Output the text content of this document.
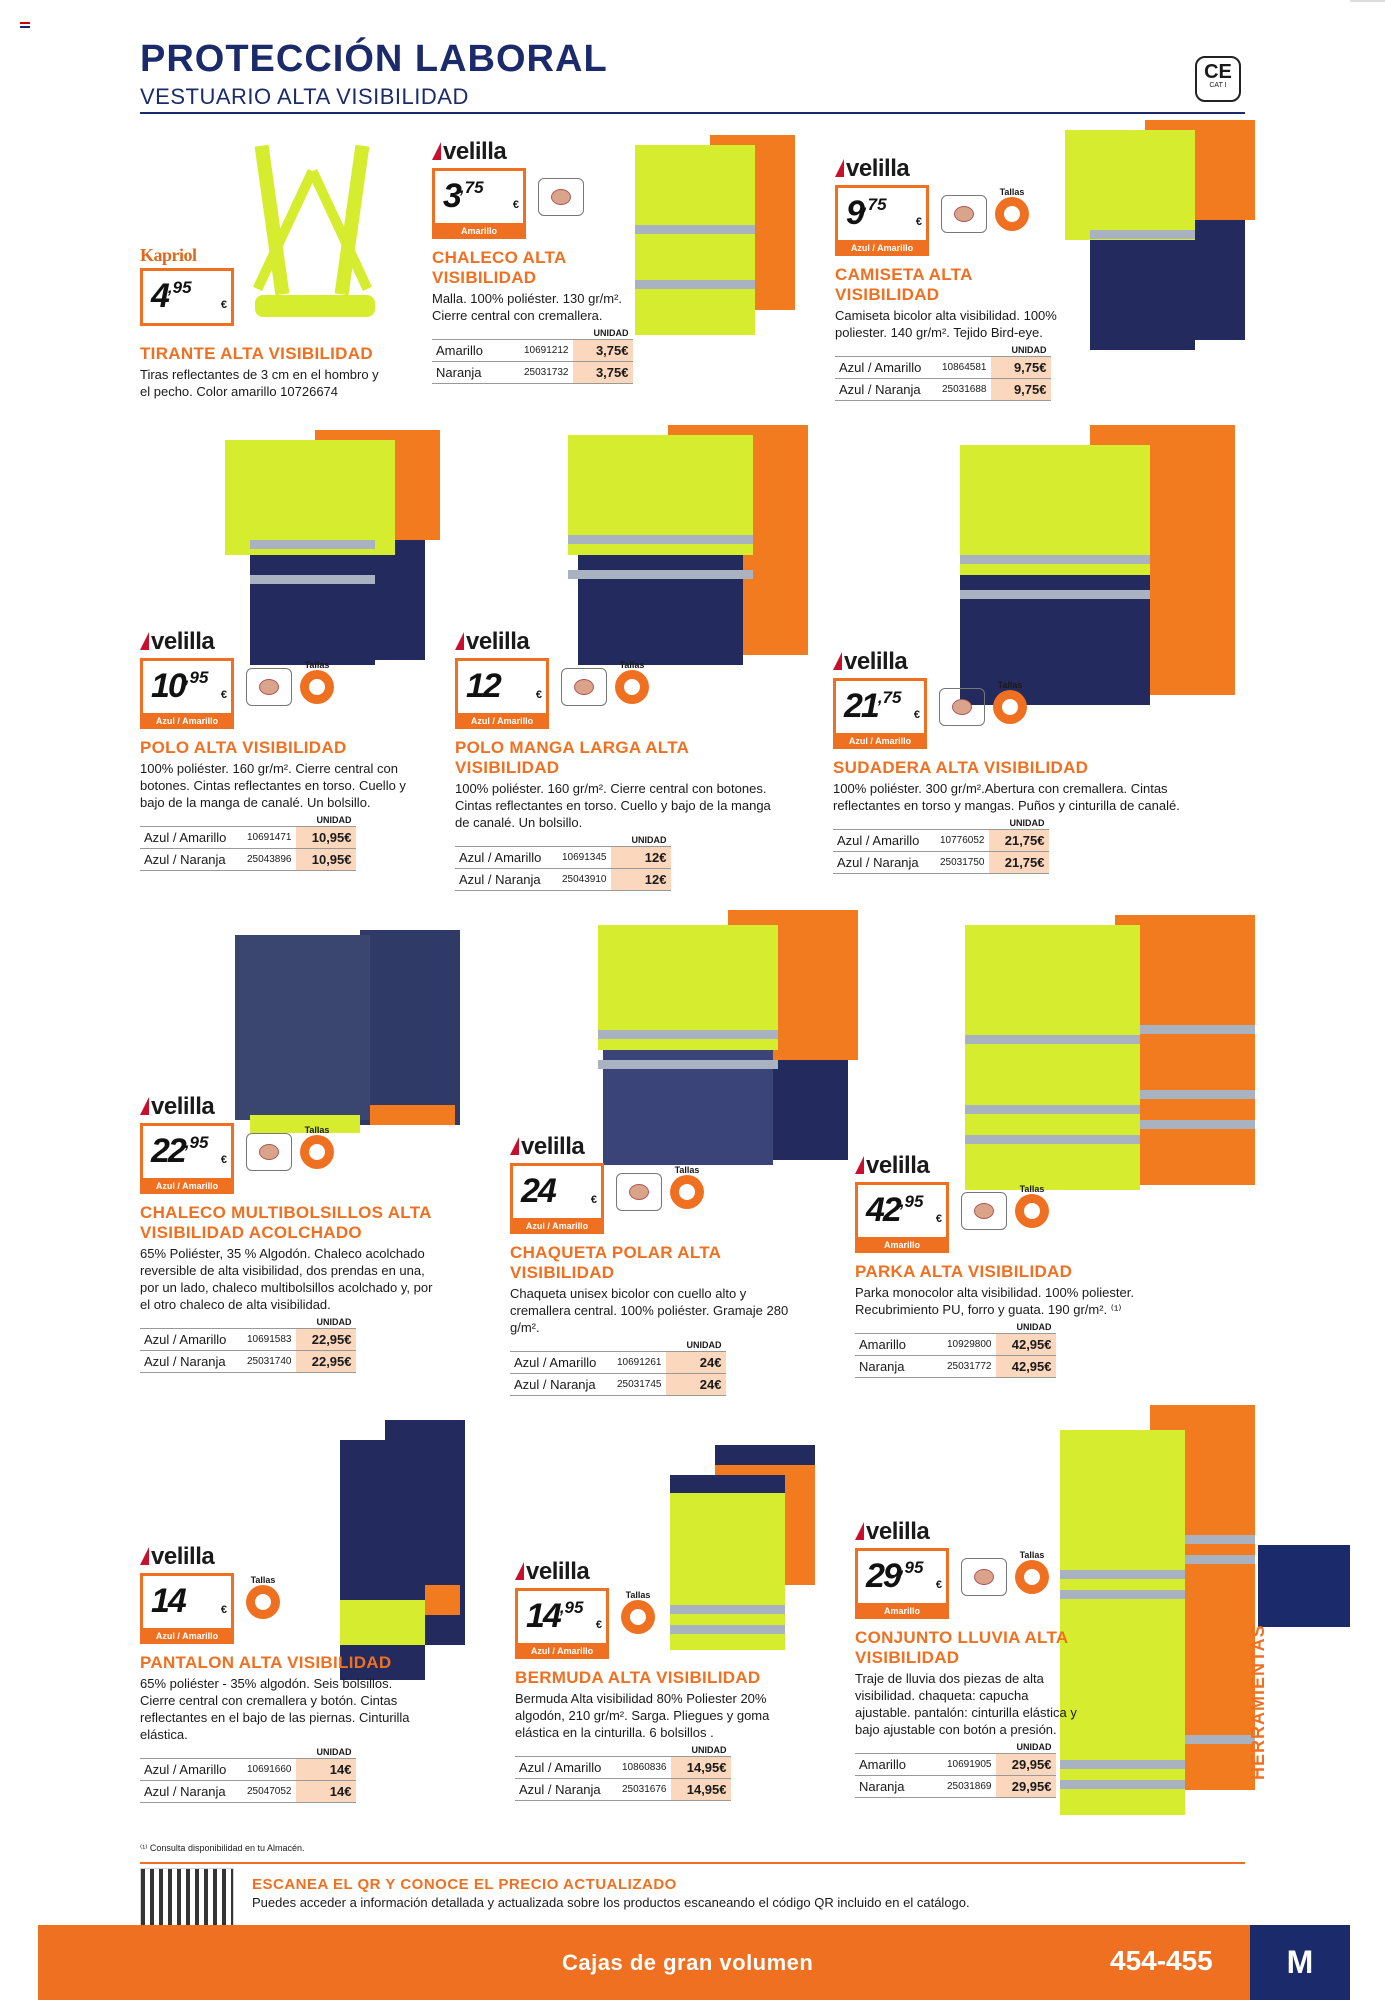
PROTECCIÓN LABORAL
VESTUARIO ALTA VISIBILIDAD
CE
CAT I
Kapriol
$4^{,95}$
€
TIRANTE ALTA VISIBILIDAD
Tiras reflectantes de 3 cm en el hombro y el pecho. Color amarillo 10726674
velilla
$3^{,75}$
€
Amarillo
CHALECO ALTA VISIBILIDAD
Malla. 100% poliéster. 130 gr/m². Cierre central con cremallera.
	UNIDAD	
Amarillo	10691212	3,75€
Naranja	25031732	3,75€
velilla
$9^{,75}$
€
Azul / Amarillo
Tallas
CAMISETA ALTA VISIBILIDAD
Camiseta bicolor alta visibilidad. 100% poliester. 140 gr/m². Tejido Bird-eye.
	UNIDAD	
Azul / Amarillo	10864581	9,75€
Azul / Naranja	25031688	9,75€
velilla
$10^{,95}$
€
Azul / Amarillo
Tallas
POLO ALTA VISIBILIDAD
100% poliéster. 160 gr/m². Cierre central con botones. Cintas reflectantes en torso. Cuello y bajo de la manga de canalé. Un bolsillo.
	UNIDAD	
Azul / Amarillo	10691471	10,95€
Azul / Naranja	25043896	10,95€
velilla
12	€
Azul / Amarillo
Tallas
POLO MANGA LARGA ALTA VISIBILIDAD
100% poliéster. 160 gr/m². Cierre central con botones. Cintas reflectantes en torso. Cuello y bajo de la manga de canalé. Un bolsillo.
	UNIDAD	
Azul / Amarillo	10691345	12€
Azul / Naranja	25043910	12€
velilla
$21^{,75}$
€
Azul / Amarillo
Tallas
SUDADERA ALTA VISIBILIDAD
100% poliéster. 300 gr/m².Abertura con cremallera. Cintas reflectantes en torso y mangas. Puños y cinturilla de canalé.
	UNIDAD	
Azul / Amarillo	10776052	21,75€
Azul / Naranja	25031750	21,75€
velilla
$22^{,95}$
€
Azul / Amarillo
Tallas
CHALECO MULTIBOLSILLOS ALTA VISIBILIDAD ACOLCHADO
65% Poliéster, 35 % Algodón. Chaleco acolchado reversible de alta visibilidad, dos prendas en una, por un lado, chaleco multibolsillos acolchado y, por el otro chaleco de alta visibilidad.
	UNIDAD	
Azul / Amarillo	10691583	22,95€
Azul / Naranja	25031740	22,95€
velilla
24	€
Azul / Amarillo
Tallas
CHAQUETA POLAR ALTA VISIBILIDAD
Chaqueta unisex bicolor con cuello alto y cremallera central. 100% poliéster. Gramaje 280 g/m².
	UNIDAD	
Azul / Amarillo	10691261	24€
Azul / Naranja	25031745	24€
velilla
$42^{,95}$
€
Amarillo
Tallas
PARKA ALTA VISIBILIDAD
Parka monocolor alta visibilidad. 100% poliester. Recubrimiento PU, forro y guata. 190 gr/m². ⁽¹⁾
	UNIDAD	
Amarillo	10929800	42,95€
Naranja	25031772	42,95€
velilla
14	€
Azul / Amarillo
Tallas
PANTALON ALTA VISIBILIDAD
65% poliéster - 35% algodón. Seis bolsillos. Cierre central con cremallera y botón. Cintas reflectantes en el bajo de las piernas. Cinturilla elástica.
	UNIDAD	
Azul / Amarillo	10691660	14€
Azul / Naranja	25047052	14€
velilla
$14^{,95}$
€
Azul / Amarillo
Tallas
BERMUDA ALTA VISIBILIDAD
Bermuda Alta visibilidad 80% Poliester 20% algodón, 210 gr/m². Sarga. Pliegues y goma elástica en la cinturilla. 6 bolsillos .
	UNIDAD	
Azul / Amarillo	10860836	14,95€
Azul / Naranja	25031676	14,95€
velilla
$29^{,95}$
€
Amarillo
Tallas
CONJUNTO LLUVIA ALTA VISIBILIDAD
Traje de lluvia dos piezas de alta visibilidad. chaqueta: capucha ajustable. pantalón: cinturilla elástica y bajo ajustable con botón a presión.
	UNIDAD	
Amarillo	10691905	29,95€
Naranja	25031869	29,95€
HERRAMIENTAS
⁽¹⁾ Consulta disponibilidad en tu Almacén.
ESCANEA EL QR Y CONOCE EL PRECIO ACTUALIZADO
Puedes acceder a información detallada y actualizada sobre los productos escaneando el código QR incluido en el catálogo.
Cajas de gran volumen	454-455	M
